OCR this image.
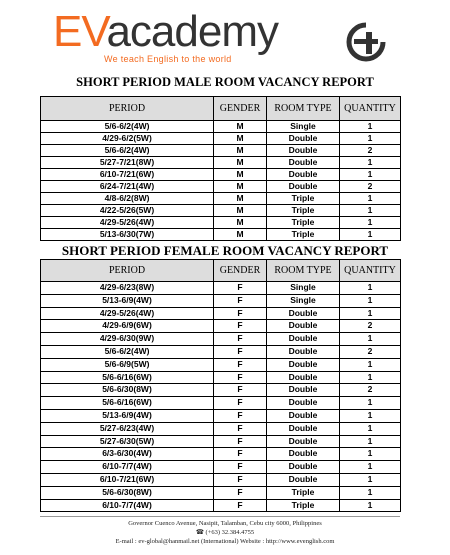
EVacademy
We teach English to the world
SHORT PERIOD MALE ROOM VACANCY REPORT
PERIOD	GENDER	ROOM TYPE	QUANTITY
5/6-6/2(4W)	M	Single	1
4/29-6/2(5W)	M	Double	1
5/6-6/2(4W)	M	Double	2
5/27-7/21(8W)	M	Double	1
6/10-7/21(6W)	M	Double	1
6/24-7/21(4W)	M	Double	2
4/8-6/2(8W)	M	Triple	1
4/22-5/26(5W)	M	Triple	1
4/29-5/26(4W)	M	Triple	1
5/13-6/30(7W)	M	Triple	1
SHORT PERIOD FEMALE ROOM VACANCY REPORT
PERIOD	GENDER	ROOM TYPE	QUANTITY
4/29-6/23(8W)	F	Single	1
5/13-6/9(4W)	F	Single	1
4/29-5/26(4W)	F	Double	1
4/29-6/9(6W)	F	Double	2
4/29-6/30(9W)	F	Double	1
5/6-6/2(4W)	F	Double	2
5/6-6/9(5W)	F	Double	1
5/6-6/16(6W)	F	Double	1
5/6-6/30(8W)	F	Double	2
5/6-6/16(6W)	F	Double	1
5/13-6/9(4W)	F	Double	1
5/27-6/23(4W)	F	Double	1
5/27-6/30(5W)	F	Double	1
6/3-6/30(4W)	F	Double	1
6/10-7/7(4W)	F	Double	1
6/10-7/21(6W)	F	Double	1
5/6-6/30(8W)	F	Triple	1
6/10-7/7(4W)	F	Triple	1
Governor Cuenco Avenue, Nasipit, Talamban, Cebu city 6000, Philippines
☎ (+63) 32.384.4755
E-mail : ev-global@hanmail.net (International) Website : http://www.evenglish.com
